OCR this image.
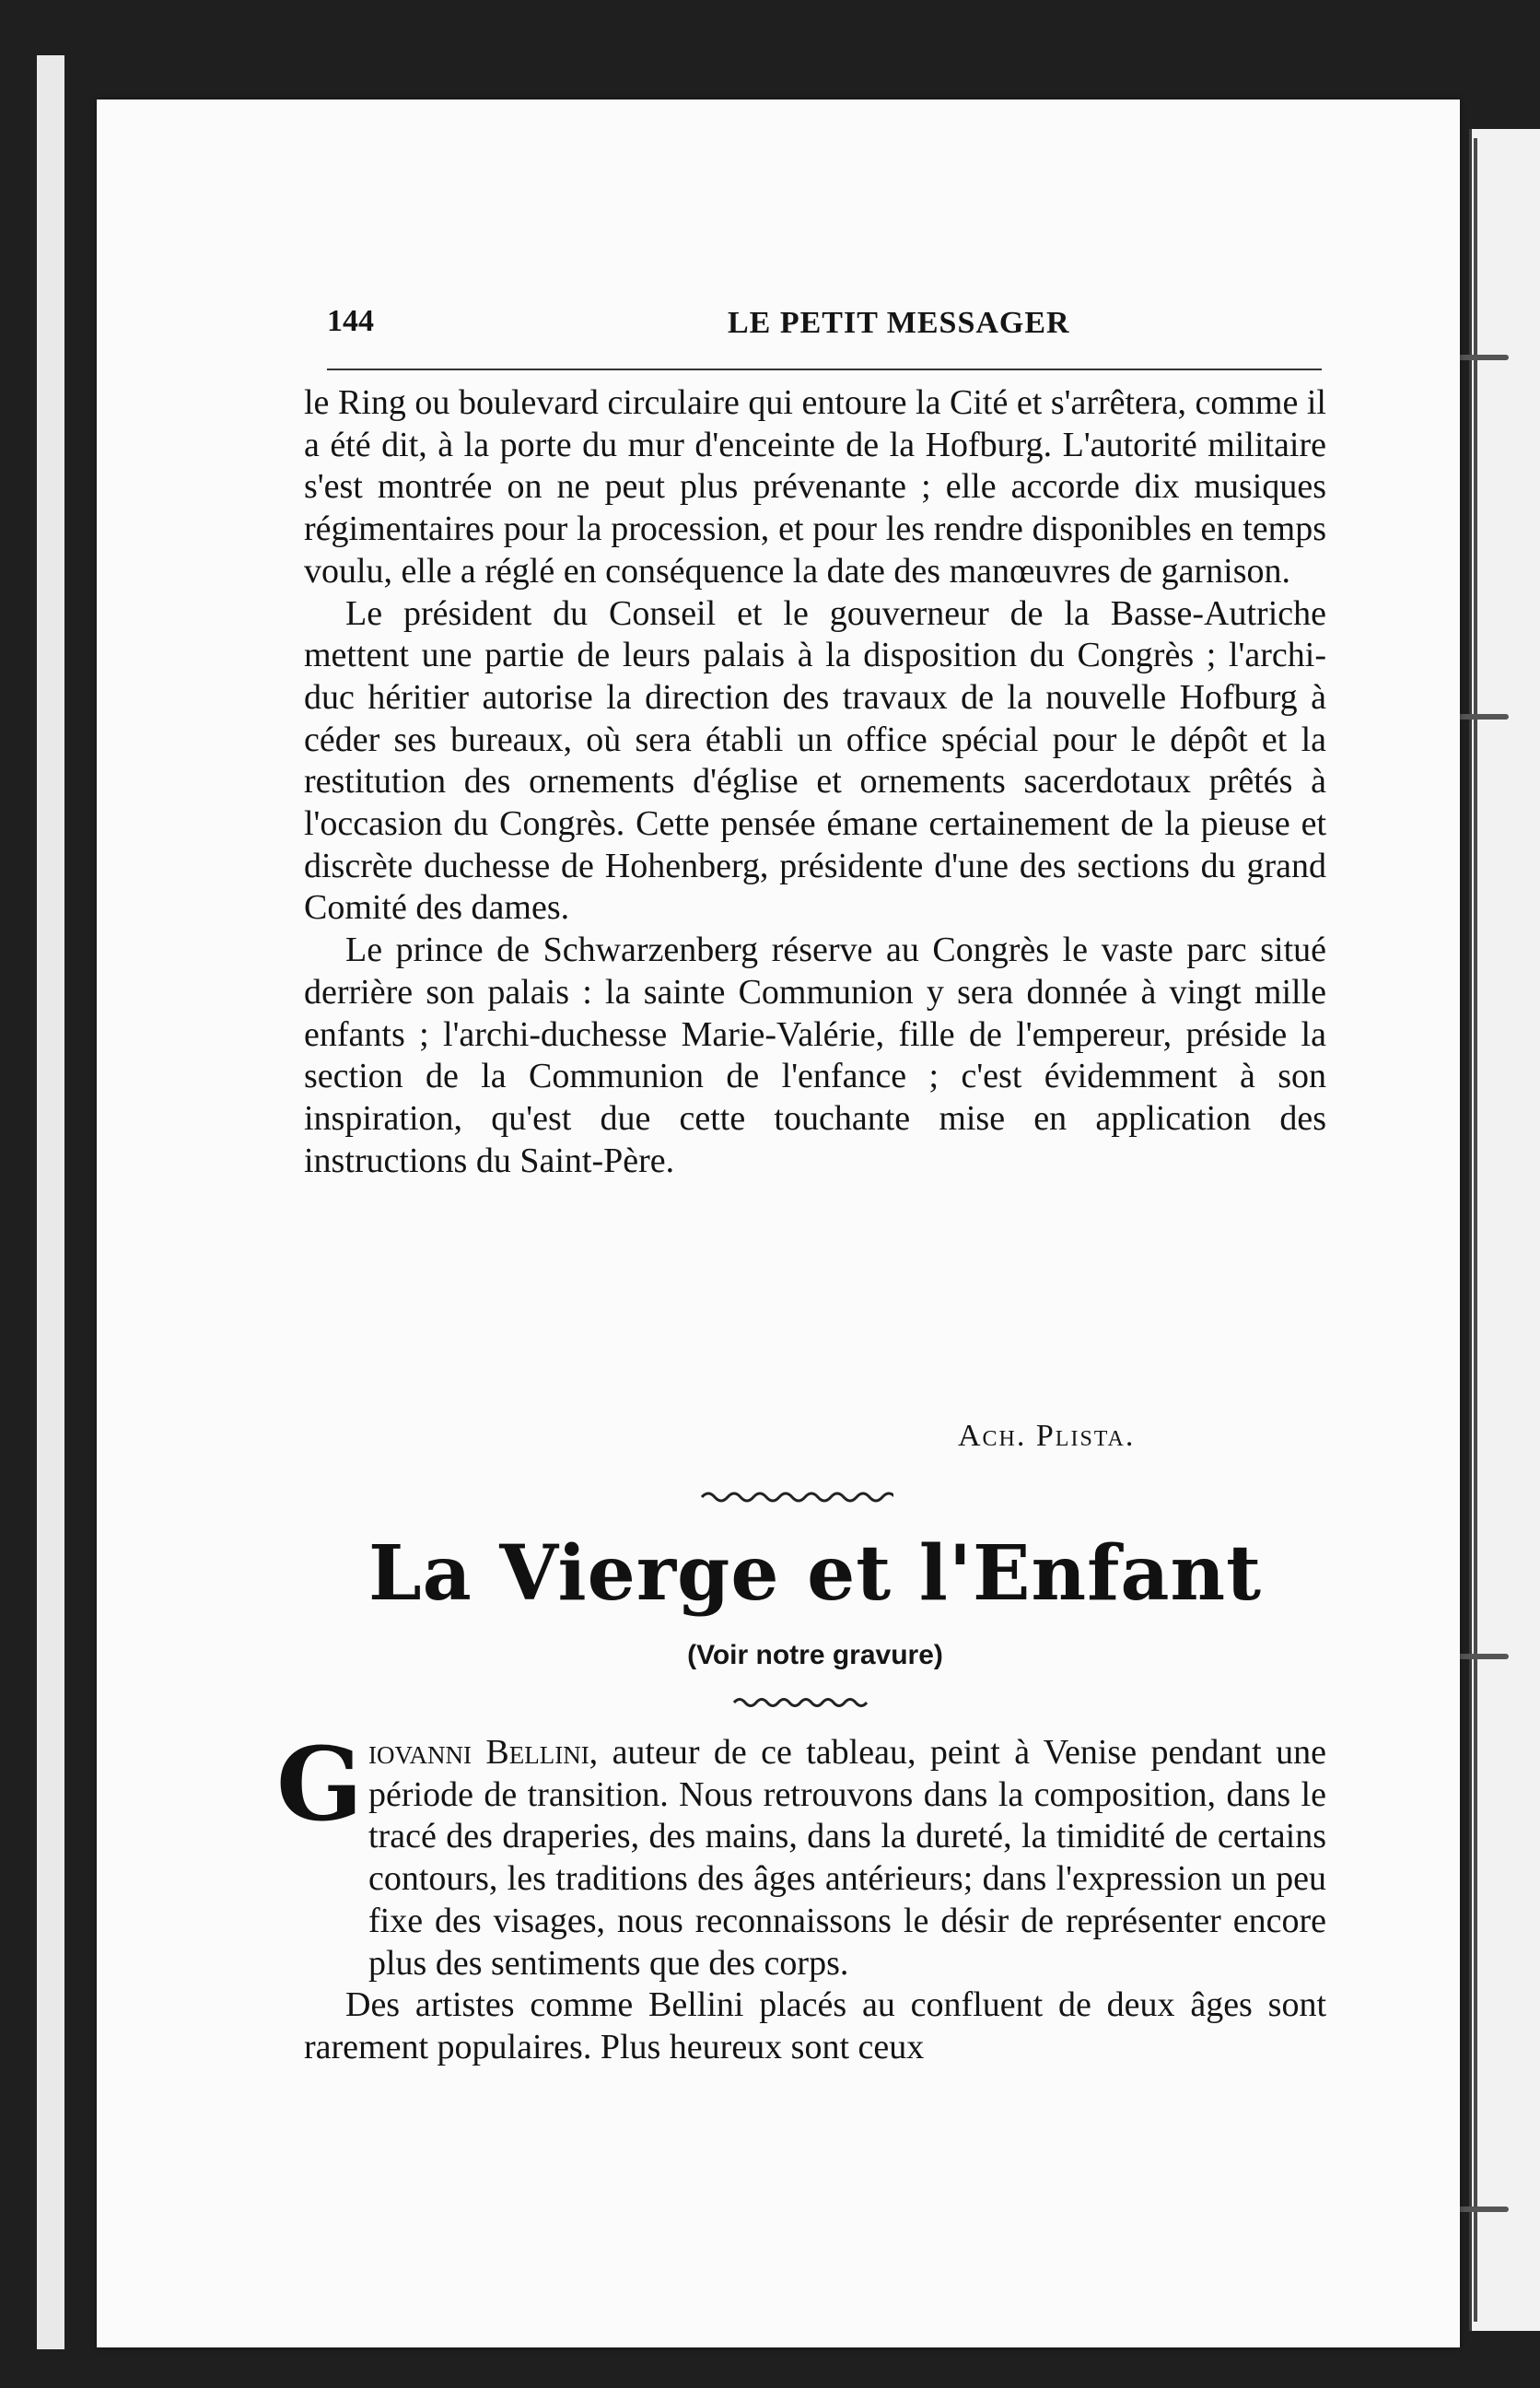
144	LE PETIT MESSAGER

le Ring ou boulevard circulaire qui entoure la Cité et s'arrêtera, comme il a été dit, à la porte du mur d'enceinte de la Hofburg. L'autorité militaire s'est montrée on ne peut plus prévenante ; elle accorde dix musiques régimentaires pour la procession, et pour les rendre disponibles en temps voulu, elle a réglé en conséquence la date des manœuvres de garnison.

Le président du Conseil et le gouverneur de la Basse-Autriche mettent une partie de leurs palais à la disposition du Congrès ; l'archi-duc héritier autorise la direction des travaux de la nouvelle Hofburg à céder ses bureaux, où sera établi un office spécial pour le dépôt et la restitution des ornements d'église et ornements sacerdotaux prêtés à l'occasion du Congrès. Cette pensée émane certainement de la pieuse et discrète duchesse de Hohenberg, présidente d'une des sections du grand Comité des dames.

Le prince de Schwarzenberg réserve au Congrès le vaste parc situé derrière son palais : la sainte Communion y sera donnée à vingt mille enfants ; l'archi-duchesse Marie-Valérie, fille de l'empereur, préside la section de la Communion de l'enfance ; c'est évidemment à son inspiration, qu'est due cette touchante mise en application des instructions du Saint-Père.

Ach. Plista.
La Vierge et l'Enfant
(Voir notre gravure)
G iovanni Bellini, auteur de ce tableau, peint à Venise pendant une période de transition. Nous retrouvons dans la composition, dans le tracé des draperies, des mains, dans la dureté, la timidité de certains contours, les traditions des âges antérieurs; dans l'expression un peu fixe des visages, nous reconnaissons le désir de représenter encore plus des sentiments que des corps.

Des artistes comme Bellini placés au confluent de deux âges sont rarement populaires. Plus heureux sont ceux
